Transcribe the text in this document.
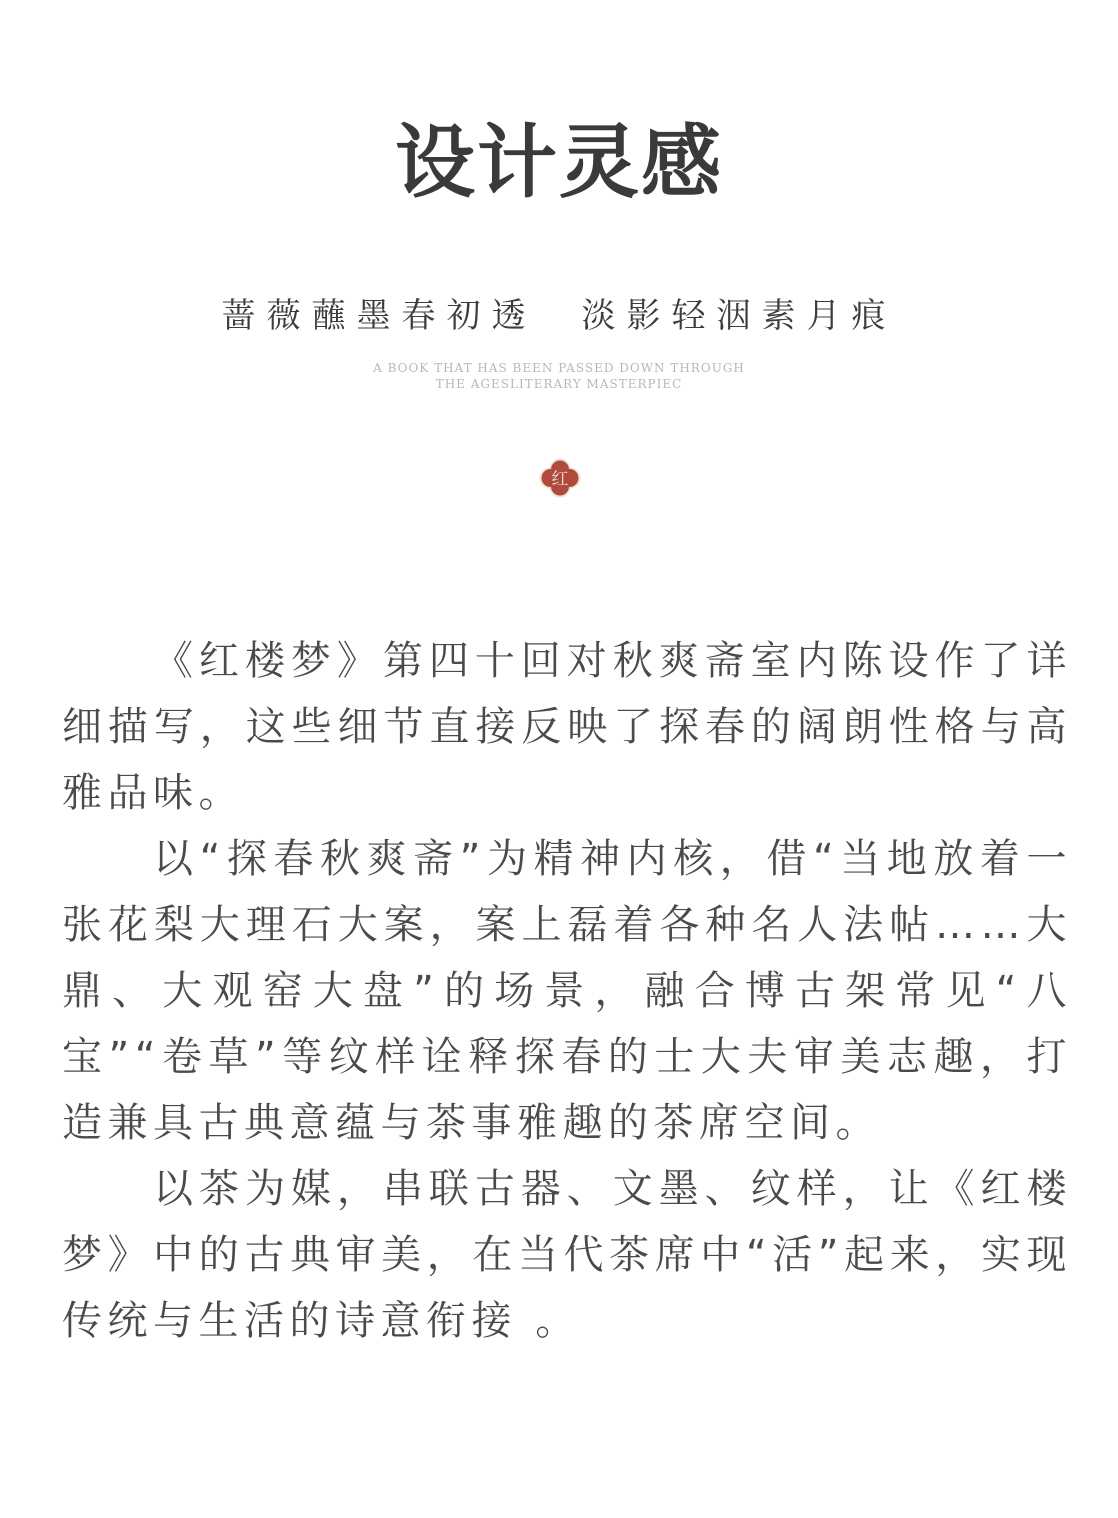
设计灵感
蔷薇蘸墨春初透　淡影轻洇素月痕
A BOOK THAT HAS BEEN PASSED DOWN THROUGH
THE AGESLITERARY MASTERPIEC
红

《红楼梦》第四十回对秋爽斋室内陈设作了详细描写，这些细节直接反映了探春的阔朗性格与高雅品味。

以“探春秋爽斋”为精神内核，借“当地放着一张花梨大理石大案，案上磊着各种名人法帖……大鼎、大观窑大盘”的场景，融合博古架常见“八宝”“卷草”等纹样诠释探春的士大夫审美志趣，打造兼具古典意蕴与茶事雅趣的茶席空间。

以茶为媒，串联古器、文墨、纹样，让《红楼梦》中的古典审美，在当代茶席中“活”起来，实现传统与生活的诗意衔接 。
